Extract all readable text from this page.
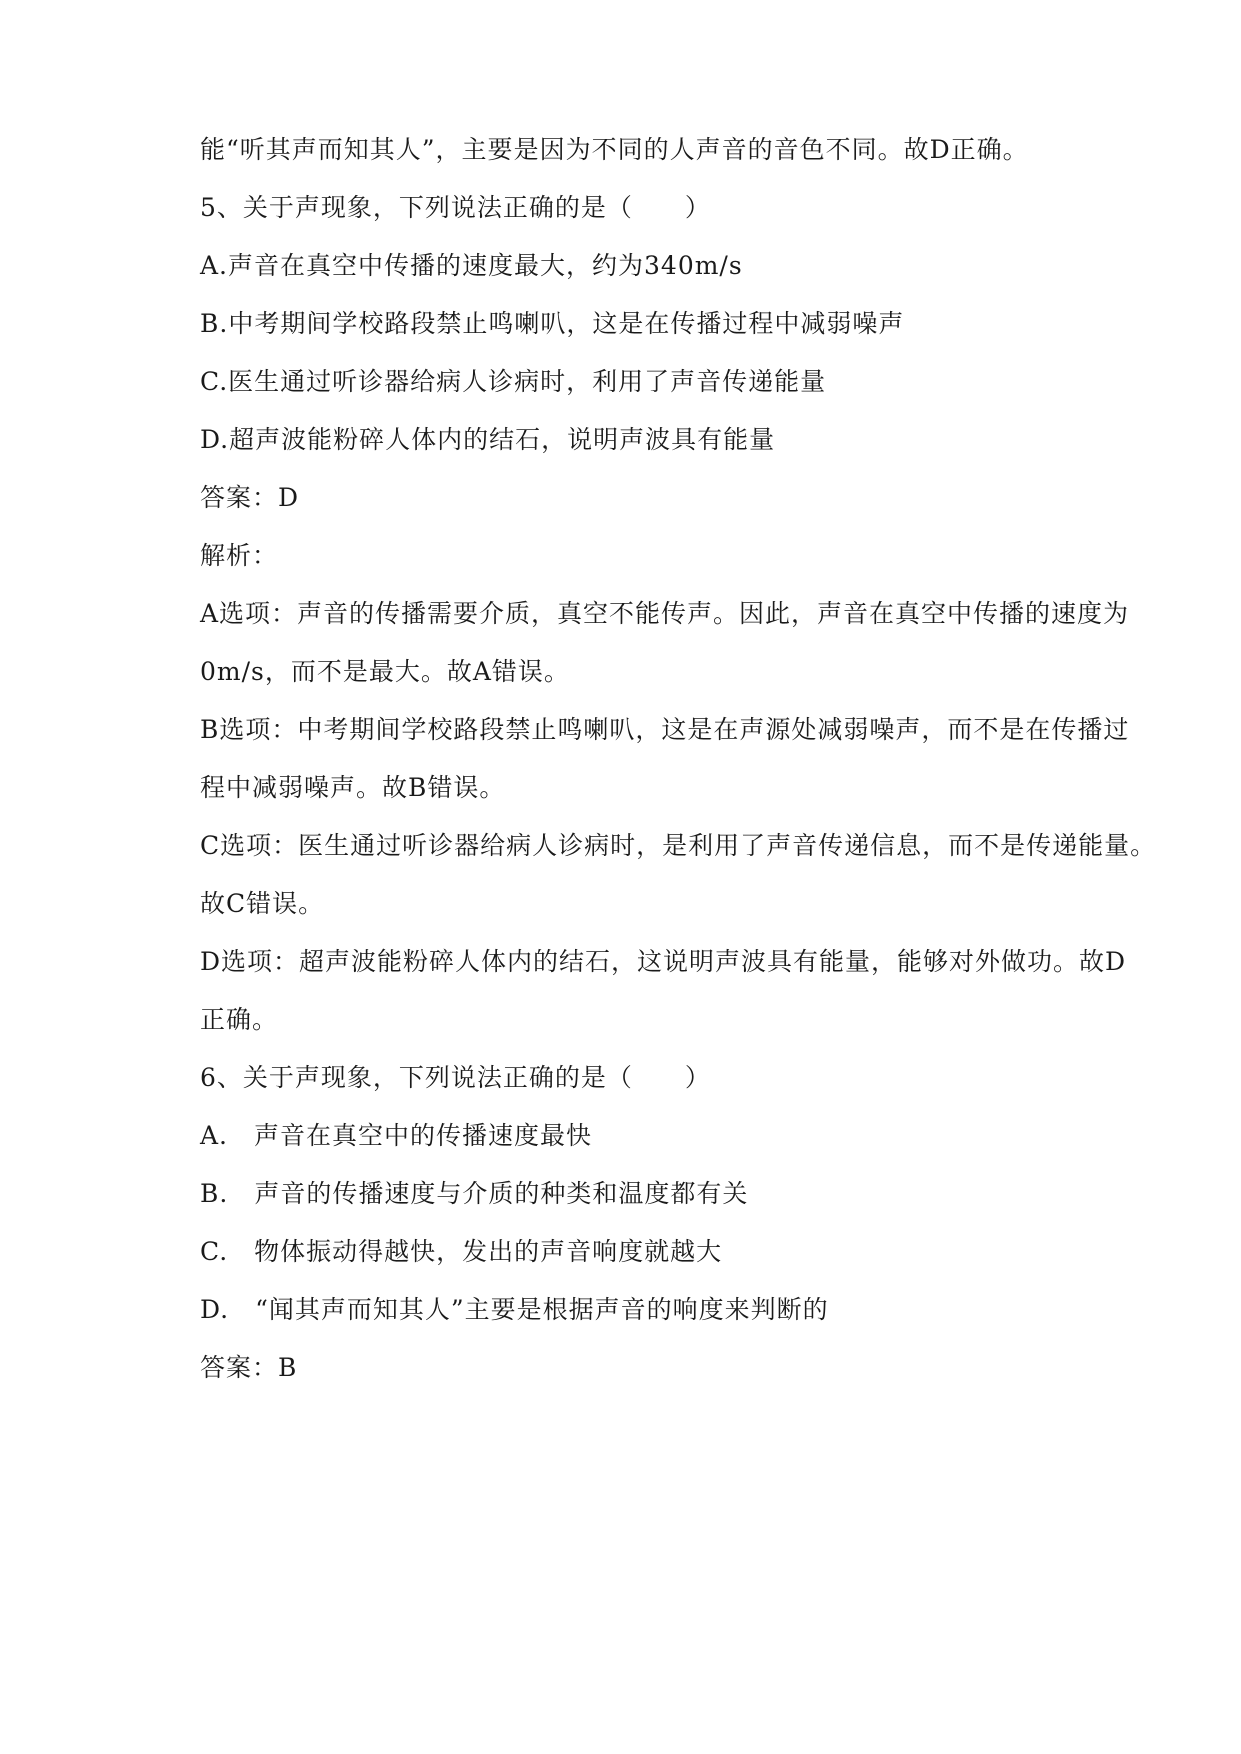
能“听其声而知其人”，主要是因为不同的人声音的音色不同。故D正确。
5、关于声现象，下列说法正确的是（　　）
A.声音在真空中传播的速度最大，约为340m/s
B.中考期间学校路段禁止鸣喇叭，这是在传播过程中减弱噪声
C.医生通过听诊器给病人诊病时，利用了声音传递能量
D.超声波能粉碎人体内的结石，说明声波具有能量
答案：D
解析：
A选项：声音的传播需要介质，真空不能传声。因此，声音在真空中传播的速度为
0m/s，而不是最大。故A错误。
B选项：中考期间学校路段禁止鸣喇叭，这是在声源处减弱噪声，而不是在传播过
程中减弱噪声。故B错误。
C选项：医生通过听诊器给病人诊病时，是利用了声音传递信息，而不是传递能量。
故C错误。
D选项：超声波能粉碎人体内的结石，这说明声波具有能量，能够对外做功。故D
正确。
6、关于声现象，下列说法正确的是（　　）
A.　声音在真空中的传播速度最快
B.　声音的传播速度与介质的种类和温度都有关
C.　物体振动得越快，发出的声音响度就越大
D.　“闻其声而知其人”主要是根据声音的响度来判断的
答案：B
